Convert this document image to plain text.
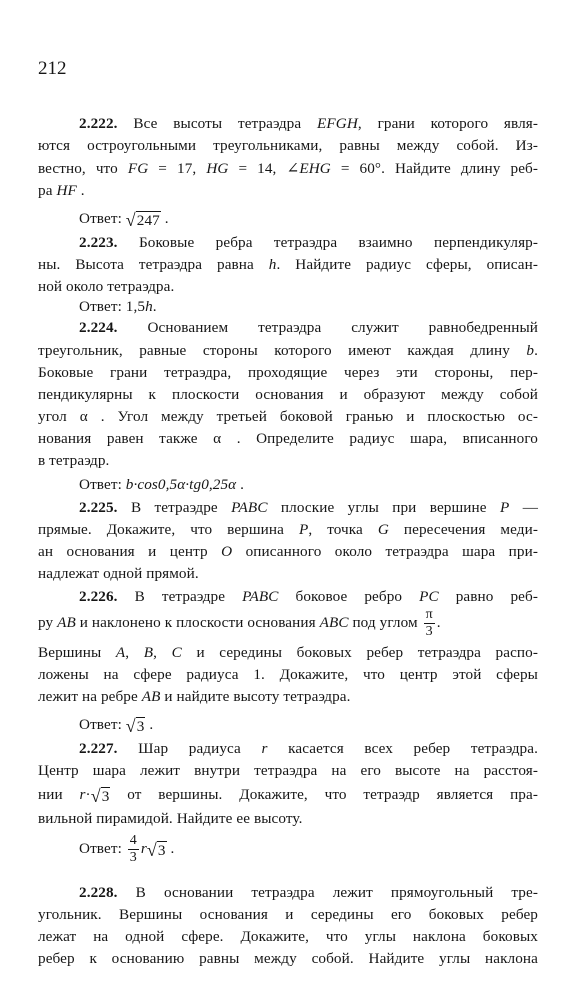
212
2.222. Все высоты тетраэдра EFGH, грани которого явля-
ются остроугольными треугольниками, равны между собой. Из-
вестно, что FG = 17, HG = 14, ∠EHG = 60°. Найдите длину реб-
ра HF .
Ответ: √ 247 .
2.223. Боковые ребра тетраэдра взаимно перпендикуляр-
ны. Высота тетраэдра равна h. Найдите радиус сферы, описан-
ной около тетраэдра.
Ответ: 1,5h.
2.224. Основанием тетраэдра служит равнобедренный
треугольник, равные стороны которого имеют каждая длину b.
Боковые грани тетраэдра, проходящие через эти стороны, пер-
пендикулярны к плоскости основания и образуют между собой
угол α . Угол между третьей боковой гранью и плоскостью ос-
нования равен также α . Определите радиус шара, вписанного
в тетраэдр.
Ответ: b·cos0,5α·tg0,25α .
2.225. В тетраэдре PABC плоские углы при вершине P —
прямые. Докажите, что вершина P, точка G пересечения меди-
ан основания и центр O описанного около тетраэдра шара при-
надлежат одной прямой.
2.226. В тетраэдре PABC боковое ребро PC равно реб-
ру AB и наклонено к плоскости основания ABC под углом $\frac{\pi}{3}$ .
Вершины A, B, C и середины боковых ребер тетраэдра распо-
ложены на сфере радиуса 1. Докажите, что центр этой сферы
лежит на ребре AB и найдите высоту тетраэдра.
Ответ: √ 3 .
2.227. Шар радиуса r касается всех ребер тетраэдра.
Центр шара лежит внутри тетраэдра на его высоте на расстоя-
нии r· √ 3 от вершины. Докажите, что тетраэдр является пра-
вильной пирамидой. Найдите ее высоту.
Ответ: $\frac{4}{3}$ r √ 3 .
2.228. В основании тетраэдра лежит прямоугольный тре-
угольник. Вершины основания и середины его боковых ребер
лежат на одной сфере. Докажите, что углы наклона боковых
ребер к основанию равны между собой. Найдите углы наклона
